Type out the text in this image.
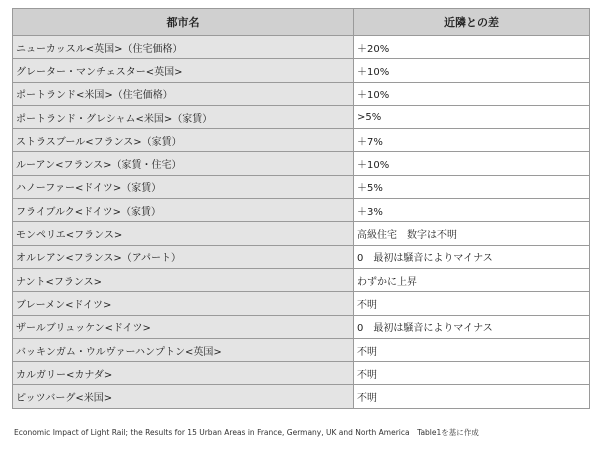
都市名	近隣との差
ニューカッスル<英国>（住宅価格）	＋20%
グレーター・マンチェスター<英国>	＋10%
ポートランド<米国>（住宅価格）	＋10%
ポートランド・グレシャム<米国>（家賃）	>5%
ストラスブール<フランス>（家賃）	＋7%
ルーアン<フランス>（家賃・住宅）	＋10%
ハノーファー<ドイツ>（家賃）	＋5%
フライブルク<ドイツ>（家賃）	＋3%
モンペリエ<フランス>	高級住宅　数字は不明
オルレアン<フランス>（アパート）	0　最初は騒音によりマイナス
ナント<フランス>	わずかに上昇
ブレーメン<ドイツ>	不明
ザールブリュッケン<ドイツ>	0　最初は騒音によりマイナス
バッキンガム・ウルヴァーハンプトン<英国>	不明
カルガリー<カナダ>	不明
ピッツバーグ<米国>	不明
Economic Impact of Light Rail; the Results for 15 Urban Areas in France, Germany, UK and North America　Table1を基に作成
